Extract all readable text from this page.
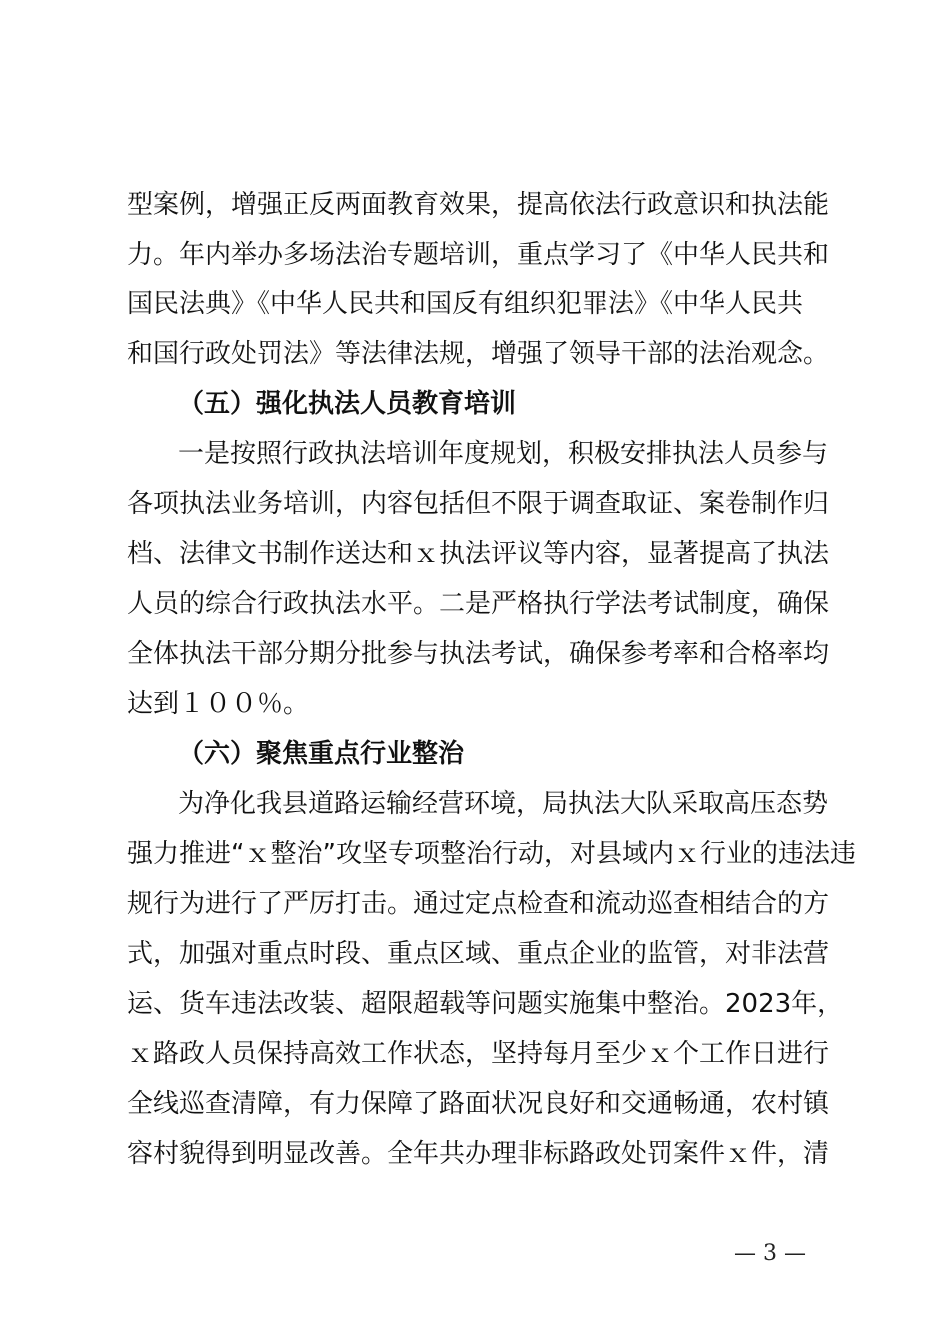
型案例，增强正反两面教育效果，提高依法行政意识和执法能
力。年内举办多场法治专题培训，重点学习了《中华人民共和
国民法典》《中华人民共和国反有组织犯罪法》《中华人民共
和国行政处罚法》等法律法规，增强了领导干部的法治观念。
（五）强化执法人员教育培训
一是按照行政执法培训年度规划，积极安排执法人员参与
各项执法业务培训，内容包括但不限于调查取证、案卷制作归
档、法律文书制作送达和ｘ执法评议等内容，显著提高了执法
人员的综合行政执法水平。二是严格执行学法考试制度，确保
全体执法干部分期分批参与执法考试，确保参考率和合格率均
达到１００％。
（六）聚焦重点行业整治
为净化我县道路运输经营环境，局执法大队采取高压态势
强力推进“ｘ整治”攻坚专项整治行动，对县域内ｘ行业的违法违
规行为进行了严厉打击。通过定点检查和流动巡查相结合的方
式，加强对重点时段、重点区域、重点企业的监管，对非法营
运、货车违法改装、超限超载等问题实施集中整治。2023年，
ｘ路政人员保持高效工作状态，坚持每月至少ｘ个工作日进行
全线巡查清障，有力保障了路面状况良好和交通畅通，农村镇
容村貌得到明显改善。全年共办理非标路政处罚案件ｘ件，清
— 3 —
